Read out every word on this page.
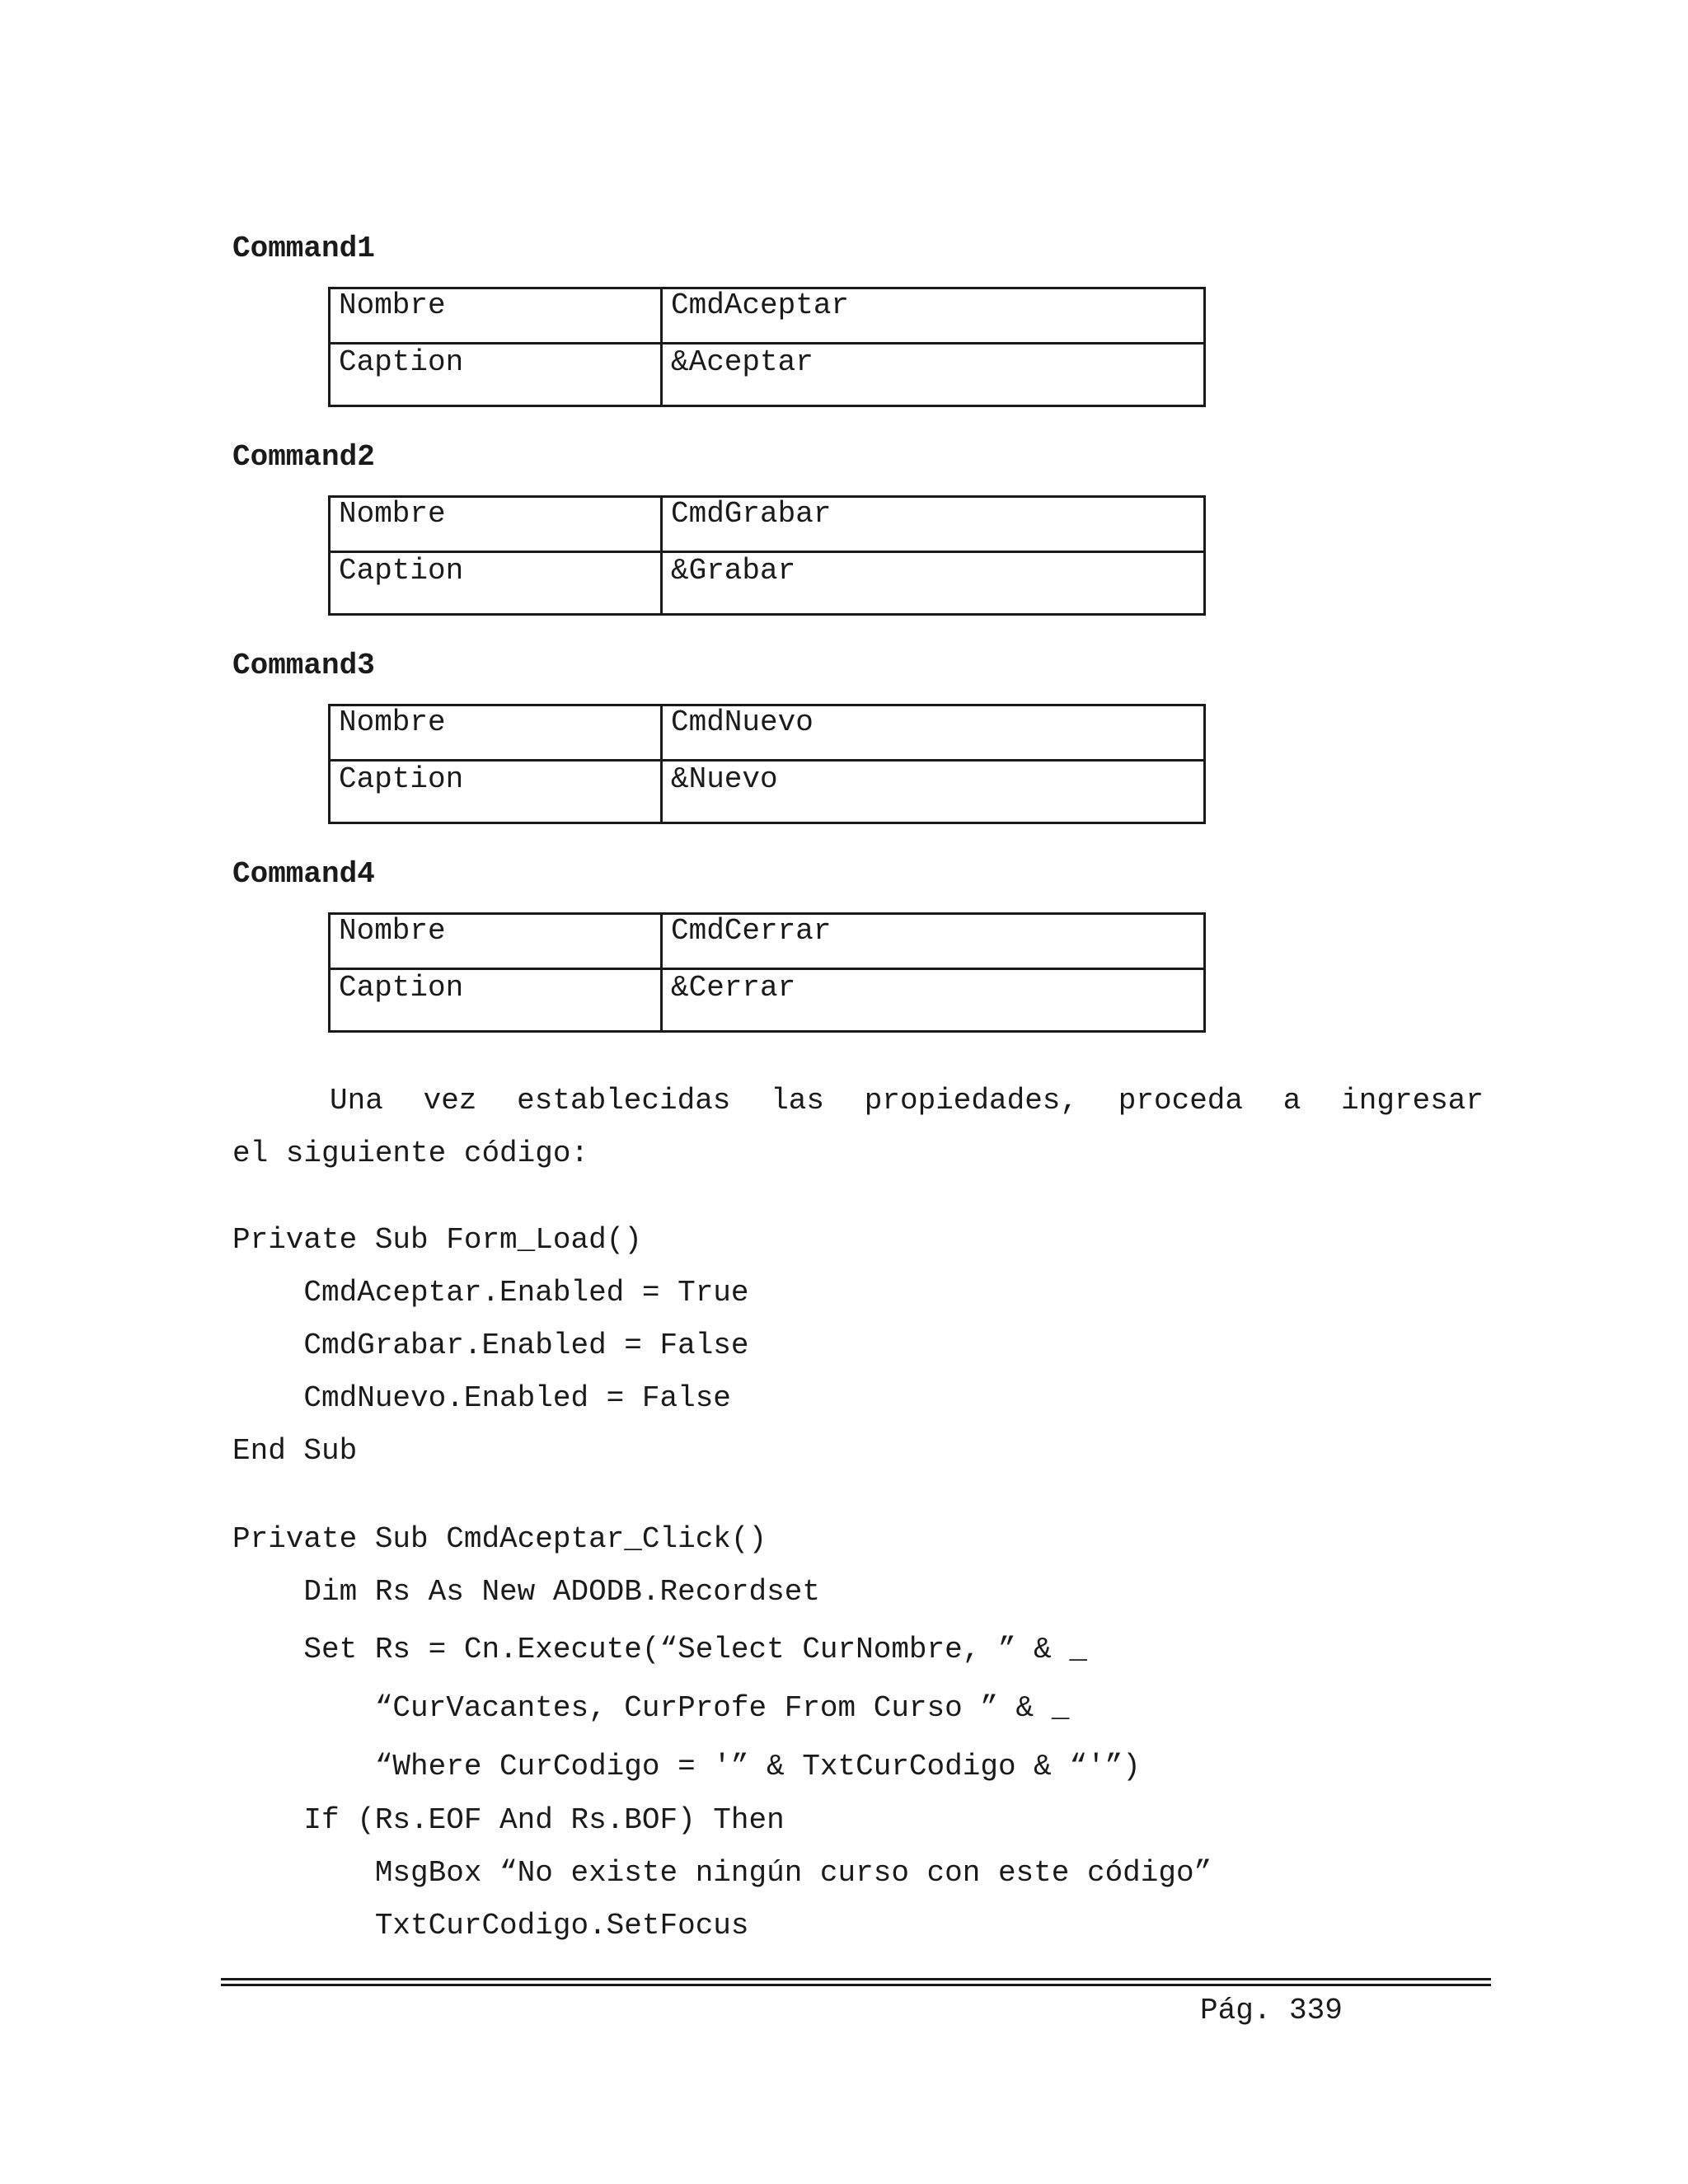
Command1
Nombre	CmdAceptar
Caption	&Aceptar
Command2
Nombre	CmdGrabar
Caption	&Grabar
Command3
Nombre	CmdNuevo
Caption	&Nuevo
Command4
Nombre	CmdCerrar
Caption	&Cerrar

Una vez establecidas las propiedades, proceda a ingresar
el siguiente código:

Private Sub Form_Load()
CmdAceptar.Enabled = True
CmdGrabar.Enabled = False
CmdNuevo.Enabled = False
End Sub
Private Sub CmdAceptar_Click()
Dim Rs As New ADODB.Recordset
Set Rs = Cn.Execute(“Select CurNombre, ” & _
“CurVacantes, CurProfe From Curso ” & _
“Where CurCodigo = '” & TxtCurCodigo & “'”)
If (Rs.EOF And Rs.BOF) Then
MsgBox “No existe ningún curso con este código”
TxtCurCodigo.SetFocus
Pág. 339
